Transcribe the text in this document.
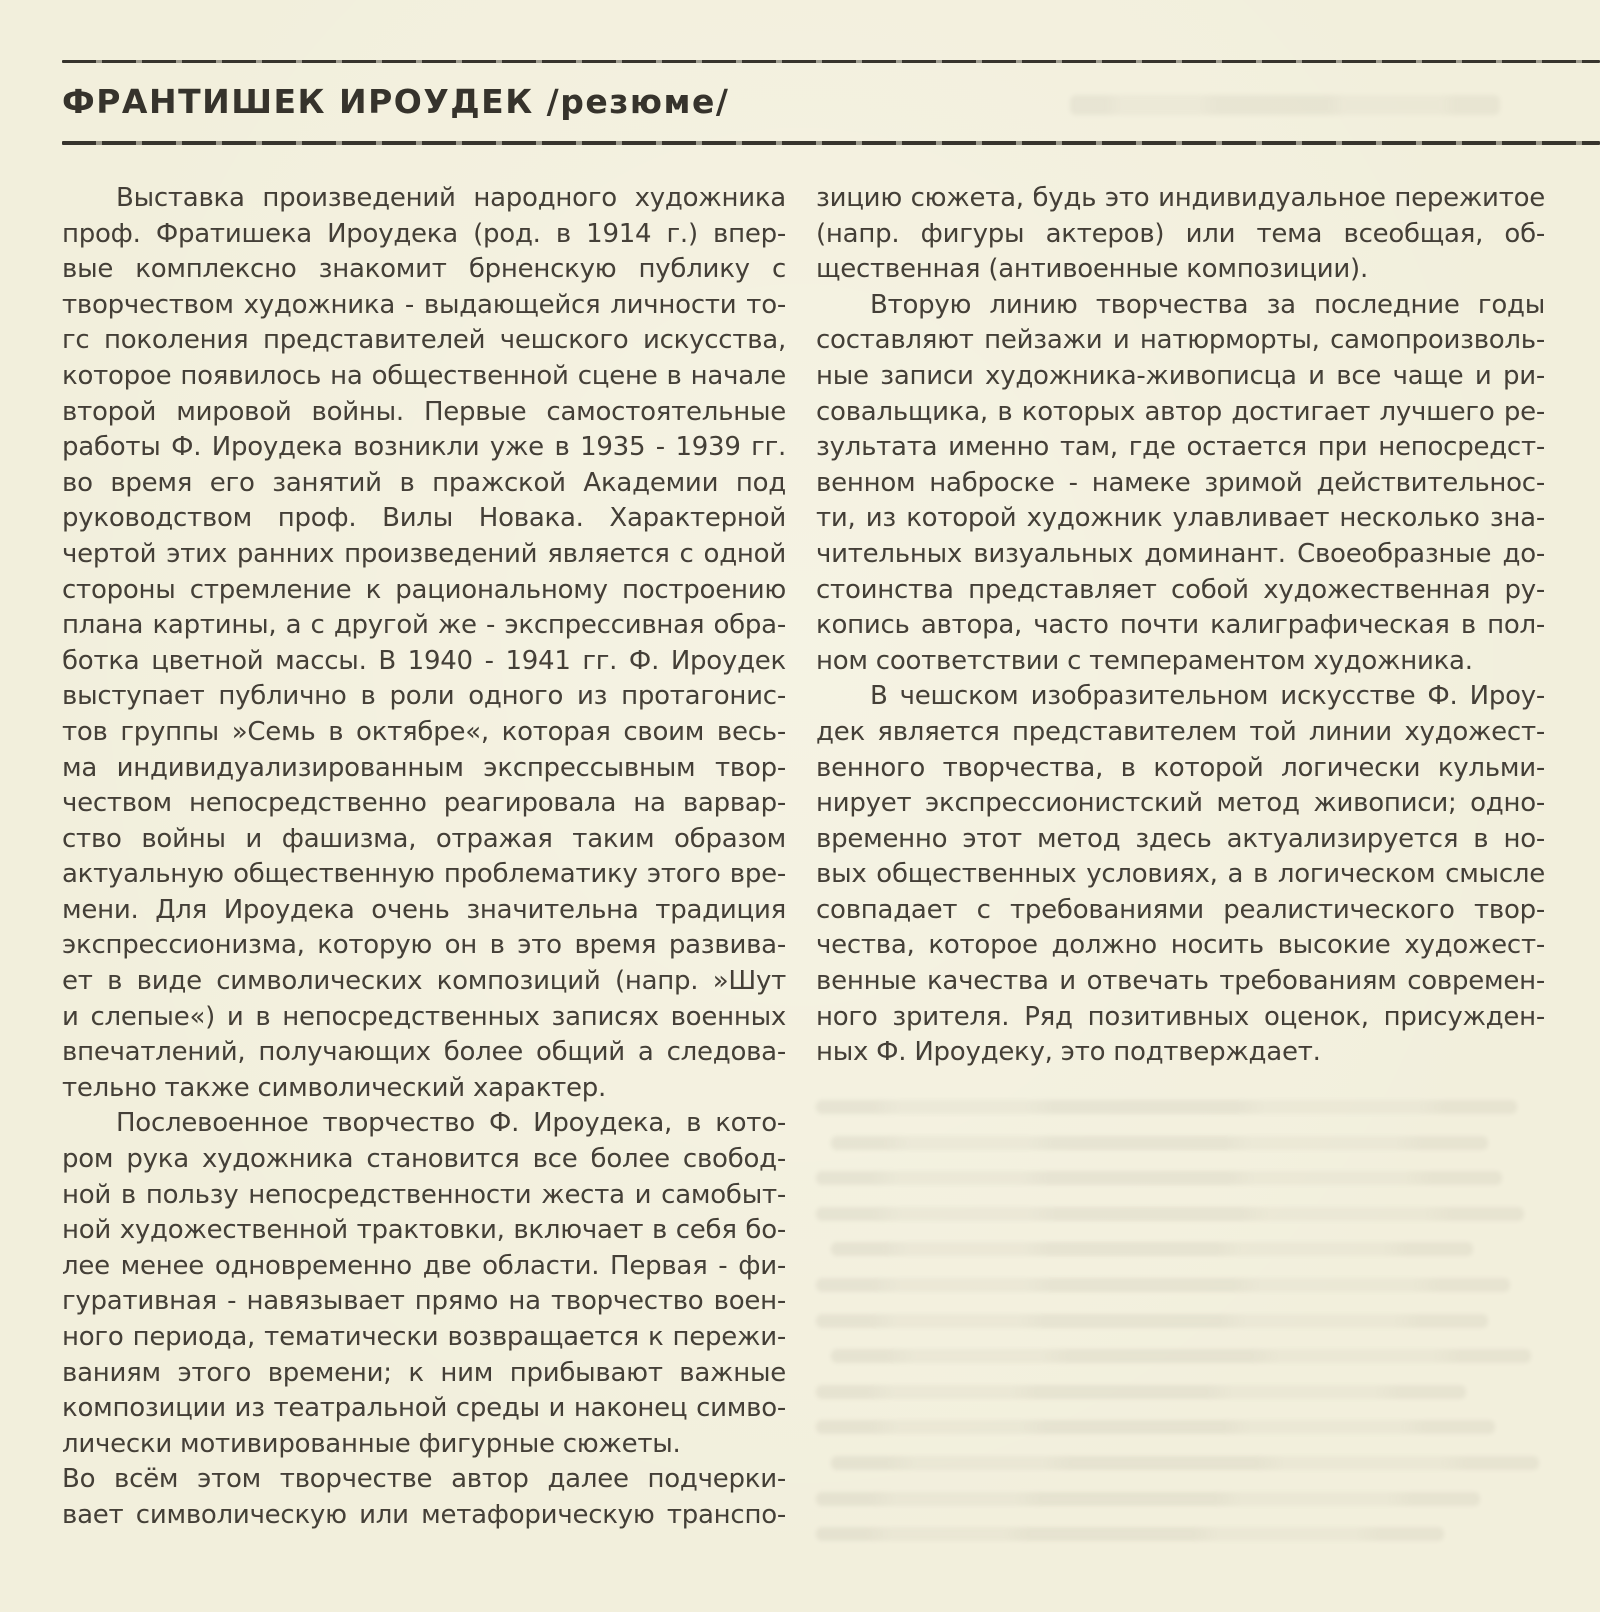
ФРАНТИШЕК ИРОУДЕК /резюме/
Выставка произведений народного художника
проф. Фратишека Ироудека (род. в 1914 г.) впер-
вые комплексно знакомит брненскую публику с
творчеством художника - выдающейся личности то-
гс поколения представителей чешского искусства,
которое появилось на общественной сцене в начале
второй мировой войны. Первые самостоятельные
работы Ф. Ироудека возникли уже в 1935 - 1939 гг.
во время его занятий в пражской Академии под
руководством проф. Вилы Новака. Характерной
чертой этих ранних произведений является с одной
стороны стремление к рациональному построению
плана картины, а с другой же - экспрессивная обра-
ботка цветной массы. В 1940 - 1941 гг. Ф. Ироудек
выступает публично в роли одного из протагонис-
тов группы »Семь в октябре«, которая своим весь-
ма индивидуализированным экспрессывным твор-
чеством непосредственно реагировала на варвар-
ство войны и фашизма, отражая таким образом
актуальную общественную проблематику этого вре-
мени. Для Ироудека очень значительна традиция
экспрессионизма, которую он в это время развива-
ет в виде символических композиций (напр. »Шут
и слепые«) и в непосредственных записях военных
впечатлений, получающих более общий а следова-
тельно также символический характер.
Послевоенное творчество Ф. Ироудека, в кото-
ром рука художника становится все более свобод-
ной в пользу непосредственности жеста и самобыт-
ной художественной трактовки, включает в себя бо-
лее менее одновременно две области. Первая - фи-
гуративная - навязывает прямо на творчество воен-
ного периода, тематически возвращается к пережи-
ваниям этого времени; к ним прибывают важные
композиции из театральной среды и наконец симво-
лически мотивированные фигурные сюжеты.
Во всём этом творчестве автор далее подчерки-
вает символическую или метафорическую транспо-
зицию сюжета, будь это индивидуальное пережитое
(напр. фигуры актеров) или тема всеобщая, об-
щественная (антивоенные композиции).
Вторую линию творчества за последние годы
составляют пейзажи и натюрморты, самопроизволь-
ные записи художника-живописца и все чаще и ри-
совальщика, в которых автор достигает лучшего ре-
зультата именно там, где остается при непосредст-
венном наброске - намеке зримой действительнос-
ти, из которой художник улавливает несколько зна-
чительных визуальных доминант. Своеобразные до-
стоинства представляет собой художественная ру-
копись автора, часто почти калиграфическая в пол-
ном соответствии с темпераментом художника.
В чешском изобразительном искусстве Ф. Ироу-
дек является представителем той линии художест-
венного творчества, в которой логически кульми-
нирует экспрессионистский метод живописи; одно-
временно этот метод здесь актуализируется в но-
вых общественных условиях, а в логическом смысле
совпадает с требованиями реалистического твор-
чества, которое должно носить высокие художест-
венные качества и отвечать требованиям современ-
ного зрителя. Ряд позитивных оценок, присужден-
ных Ф. Ироудеку, это подтверждает.
